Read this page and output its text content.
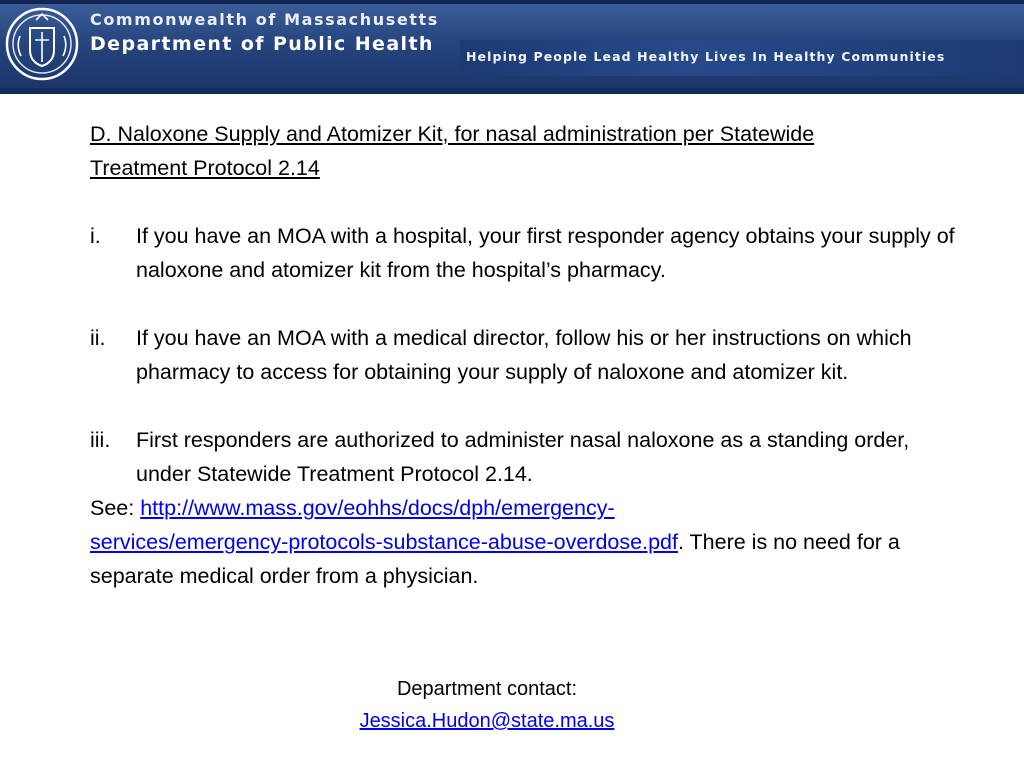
Commonwealth of Massachusetts
Department of Public Health
Helping People Lead Healthy Lives In Healthy Communities
D. Naloxone Supply and Atomizer Kit, for nasal administration per Statewide Treatment Protocol 2.14
i. If you have an MOA with a hospital, your first responder agency obtains your supply of naloxone and atomizer kit from the hospital’s pharmacy.
ii. If you have an MOA with a medical director, follow his or her instructions on which pharmacy to access for obtaining your supply of naloxone and atomizer kit.
iii. First responders are authorized to administer nasal naloxone as a standing order, under Statewide Treatment Protocol 2.14.
See: http://www.mass.gov/eohhs/docs/dph/emergency-
services/emergency-protocols-substance-abuse-overdose.pdf. There is no need for a separate medical order from a physician.
Department contact:
Jessica.Hudon@state.ma.us
